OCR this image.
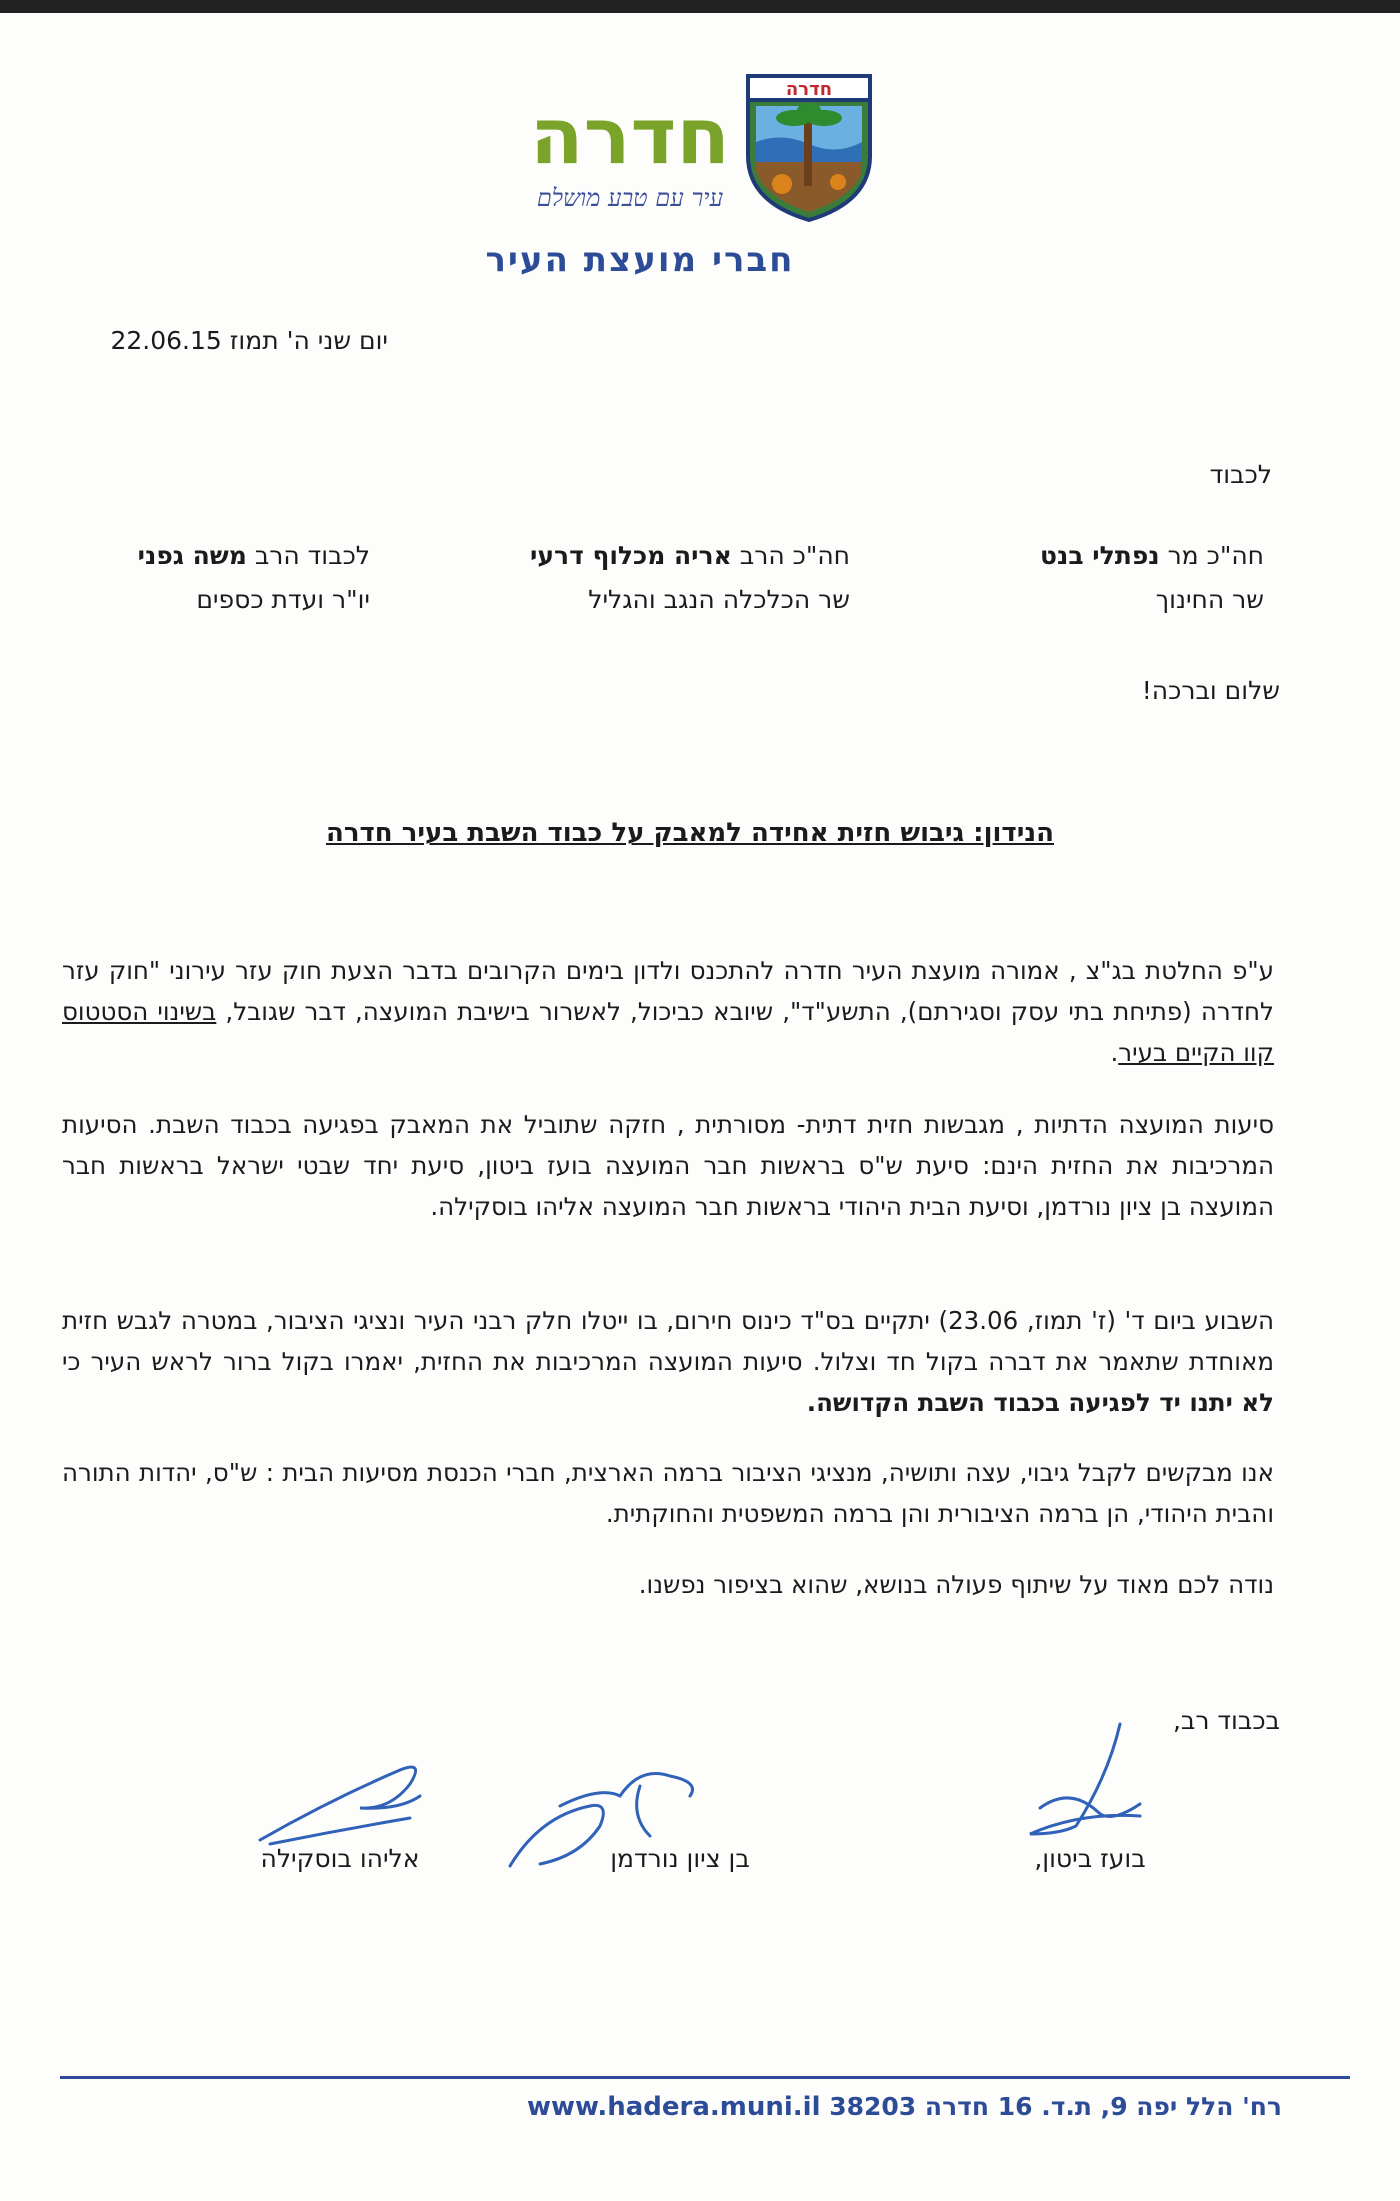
חדרה
עיר עם טבע מושלם
חדרה
חברי מועצת העיר
יום שני ה' תמוז 22.06.15
לכבוד
חה"כ מר נפתלי בנט
שר החינוך
חה"כ הרב אריה מכלוף דרעי
שר הכלכלה הנגב והגליל
לכבוד הרב משה גפני
יו"ר ועדת כספים
שלום וברכה!
הנידון: גיבוש חזית אחידה למאבק על כבוד השבת בעיר חדרה
ע"פ החלטת בג"צ , אמורה מועצת העיר חדרה להתכנס ולדון בימים הקרובים בדבר הצעת חוק עזר עירוני "חוק עזר לחדרה (פתיחת בתי עסק וסגירתם), התשע"ד", שיובא כביכול, לאשרור בישיבת המועצה, דבר שגובל, בשינוי הסטטוס קוו הקיים בעיר.
סיעות המועצה הדתיות , מגבשות חזית דתית- מסורתית , חזקה שתוביל את המאבק בפגיעה בכבוד השבת. הסיעות המרכיבות את החזית הינם: סיעת ש"ס בראשות חבר המועצה בועז ביטון, סיעת יחד שבטי ישראל בראשות חבר המועצה בן ציון נורדמן, וסיעת הבית היהודי בראשות חבר המועצה אליהו בוסקילה.
השבוע ביום ד' (ז' תמוז, 23.06) יתקיים בס"ד כינוס חירום, בו ייטלו חלק רבני העיר ונציגי הציבור, במטרה לגבש חזית מאוחדת שתאמר את דברה בקול חד וצלול. סיעות המועצה המרכיבות את החזית, יאמרו בקול ברור לראש העיר כי לא יתנו יד לפגיעה בכבוד השבת הקדושה.
אנו מבקשים לקבל גיבוי, עצה ותושיה, מנציגי הציבור ברמה הארצית, חברי הכנסת מסיעות הבית : ש"ס, יהדות התורה והבית היהודי, הן ברמה הציבורית והן ברמה המשפטית והחוקתית.
נודה לכם מאוד על שיתוף פעולה בנושא, שהוא בציפור נפשנו.
בכבוד רב,
בועז ביטון,
בן ציון נורדמן
אליהו בוסקילה
רח' הלל יפה 9, ת.ד. 16 חדרה 38203 www.hadera.muni.il
